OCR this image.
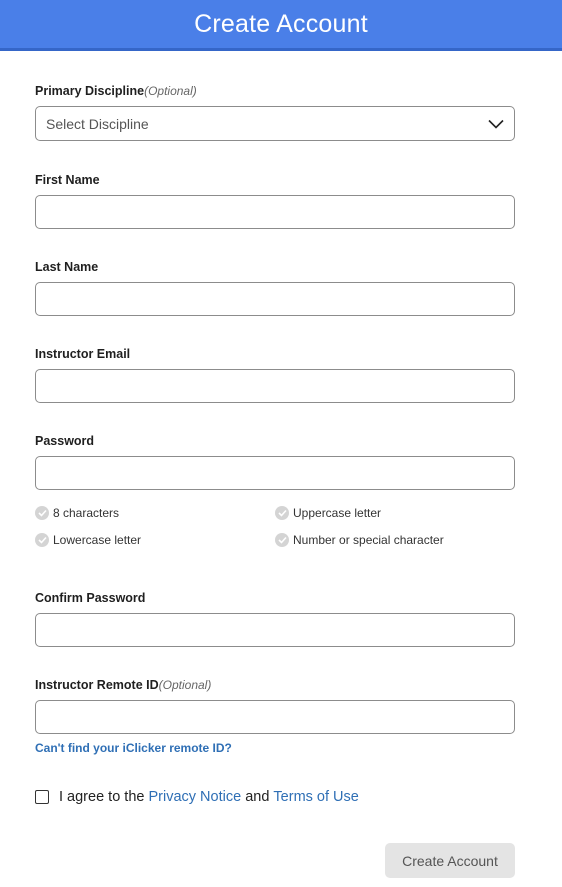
Create Account
Primary Discipline(Optional)
Select Discipline
First Name
Last Name
Instructor Email
Password
8 characters	Uppercase letter
Lowercase letter	Number or special character
Confirm Password
Instructor Remote ID(Optional)
Can't find your iClicker remote ID?
I agree to the
Privacy Notice
and
Terms of Use
Create Account
